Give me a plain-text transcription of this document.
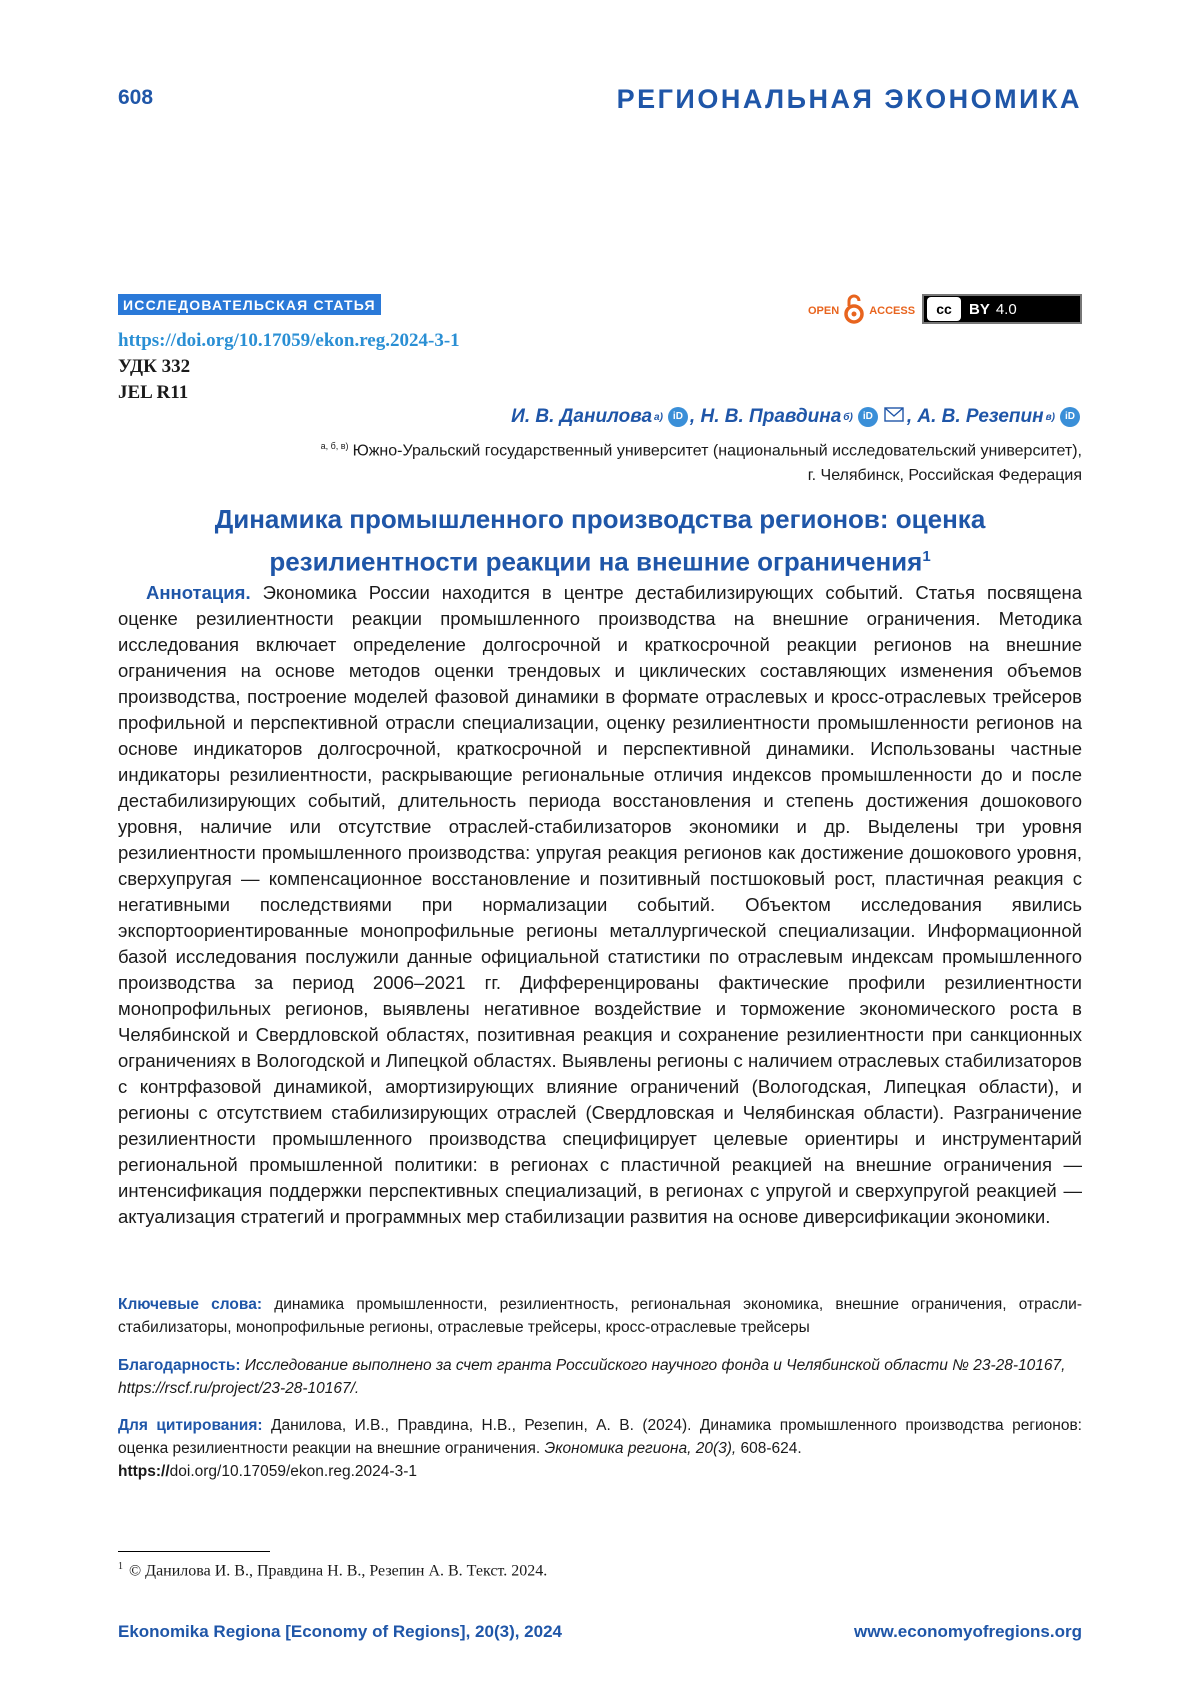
608	РЕГИОНАЛЬНАЯ ЭКОНОМИКА
ИССЛЕДОВАТЕЛЬСКАЯ СТАТЬЯ
https://doi.org/10.17059/ekon.reg.2024-3-1
УДК 332
JEL R11
OPEN	ACCESS cc BY 4.0
И. В. Данилова а)	iD , Н. В. Правдина б)	iD , А. В. Резепин в)	iD
$^{а, б, в)}$ Южно-Уральский государственный университет (национальный исследовательский университет),
г. Челябинск, Российская Федерация
Динамика промышленного производства регионов: оценка
резилиентности реакции на внешние ограничения$^1$
Аннотация. Экономика России находится в центре дестабилизирующих событий. Статья посвящена оценке резилиентности реакции промышленного производства на внешние ограничения. Методика исследования включает определение долгосрочной и краткосрочной реакции регионов на внешние ограничения на основе методов оценки трендовых и циклических составляющих изменения объемов производства, построение моделей фазовой динамики в формате отраслевых и кросс-отраслевых трейсеров профильной и перспективной отрасли специализации, оценку резилиентности промышленности регионов на основе индикаторов долгосрочной, краткосрочной и перспективной динамики. Использованы частные индикаторы резилиентности, раскрывающие региональные отличия индексов промышленности до и после дестабилизирующих событий, длительность периода восстановления и степень достижения дошокового уровня, наличие или отсутствие отраслей-стабилизаторов экономики и др. Выделены три уровня резилиентности промышленного производства: упругая реакция регионов как достижение дошокового уровня, сверхупругая — компенсационное восстановление и позитивный постшоковый рост, пластичная реакция с негативными последствиями при нормализации событий. Объектом исследования явились экспортоориентированные монопрофильные регионы металлургической специализации. Информационной базой исследования послужили данные официальной статистики по отраслевым индексам промышленного производства за период 2006–2021 гг. Дифференцированы фактические профили резилиентности монопрофильных регионов, выявлены негативное воздействие и торможение экономического роста в Челябинской и Свердловской областях, позитивная реакция и сохранение резилиентности при санкционных ограничениях в Вологодской и Липецкой областях. Выявлены регионы с наличием отраслевых стабилизаторов с контрфазовой динамикой, амортизирующих влияние ограничений (Вологодская, Липецкая области), и регионы с отсутствием стабилизирующих отраслей (Свердловская и Челябинская области). Разграничение резилиентности промышленного производства специфицирует целевые ориентиры и инструментарий региональной промышленной политики: в регионах с пластичной реакцией на внешние ограничения — интенсификация поддержки перспективных специализаций, в регионах с упругой и сверхупругой реакцией — актуализация стратегий и программных мер стабилизации развития на основе диверсификации экономики.
Ключевые слова: динамика промышленности, резилиентность, региональная экономика, внешние ограничения, отрасли-стабилизаторы, монопрофильные регионы, отраслевые трейсеры, кросс-отраслевые трейсеры
Благодарность: Исследование выполнено за счет гранта Российского научного фонда и Челябинской области № 23-28-10167, https://rscf.ru/project/23-28-10167/.
Для цитирования: Данилова, И.В., Правдина, Н.В., Резепин, А. В. (2024). Динамика промышленного производства регионов: оценка резилиентности реакции на внешние ограничения. Экономика региона, 20(3), 608-624.
https://doi.org/10.17059/ekon.reg.2024-3-1
$^1$ © Данилова И. В., Правдина Н. В., Резепин А. В. Текст. 2024.
Ekonomika Regiona [Economy of Regions], 20(3), 2024	www.economyofregions.org
